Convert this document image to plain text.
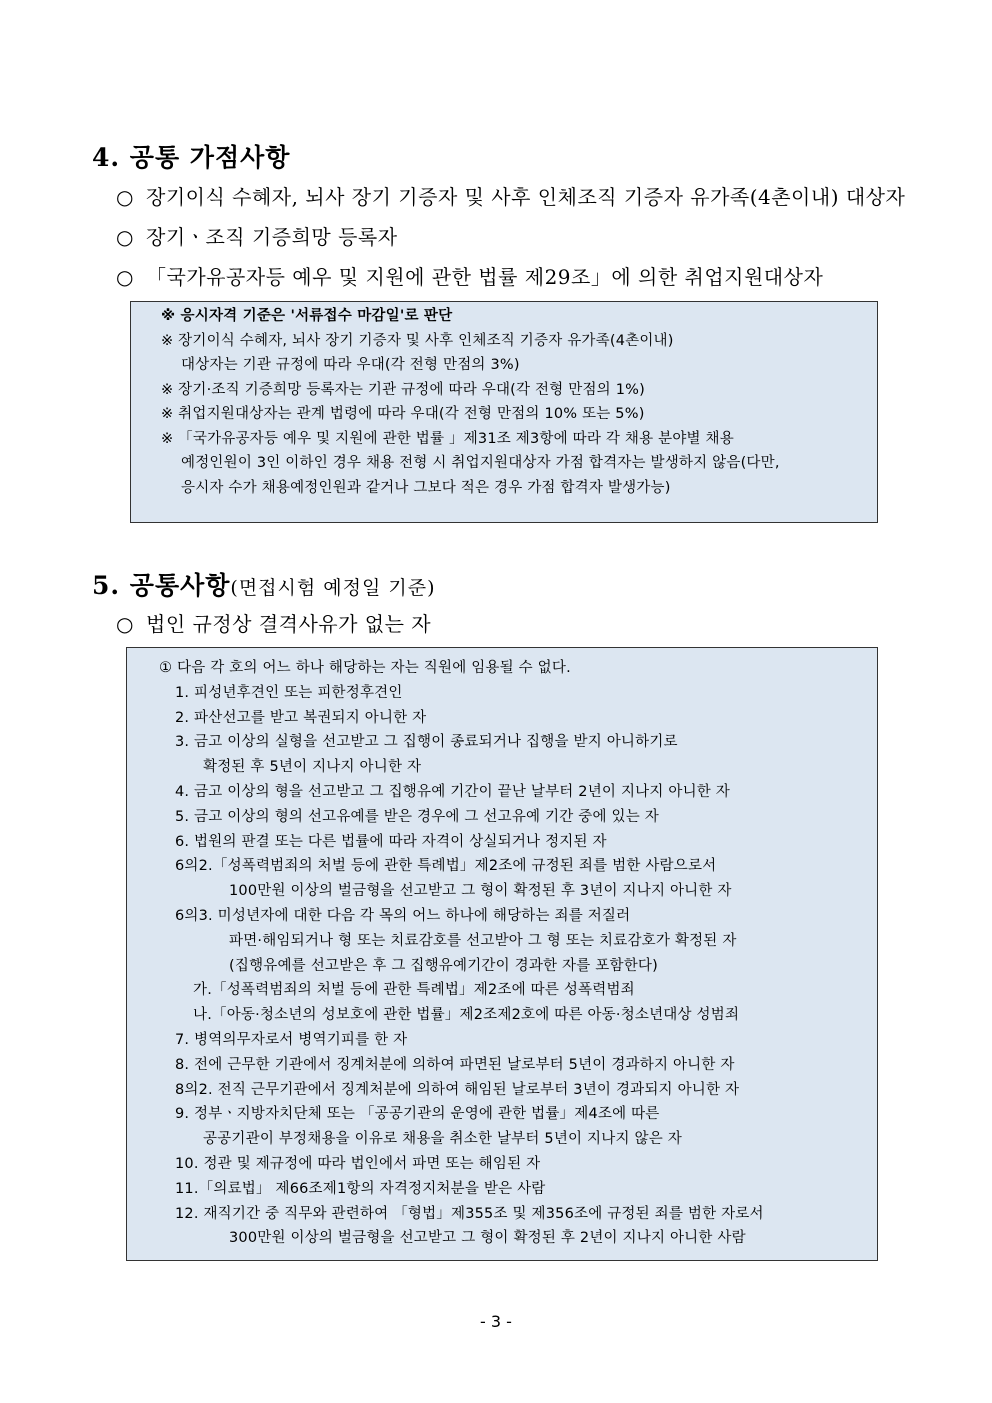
4. 공통 가점사항
○ 장기이식 수혜자, 뇌사 장기 기증자 및 사후 인체조직 기증자 유가족(4촌이내) 대상자
○ 장기ㆍ조직 기증희망 등록자
○ 「국가유공자등 예우 및 지원에 관한 법률 제29조」에 의한 취업지원대상자
※ 응시자격 기준은 '서류접수 마감일'로 판단
※ 장기이식 수혜자, 뇌사 장기 기증자 및 사후 인체조직 기증자 유가족(4촌이내)
대상자는 기관 규정에 따라 우대(각 전형 만점의 3%)
※ 장기·조직 기증희망 등록자는 기관 규정에 따라 우대(각 전형 만점의 1%)
※ 취업지원대상자는 관계 법령에 따라 우대(각 전형 만점의 10% 또는 5%)
※ 「국가유공자등 예우 및 지원에 관한 법률 」제31조 제3항에 따라 각 채용 분야별 채용
예정인원이 3인 이하인 경우 채용 전형 시 취업지원대상자 가점 합격자는 발생하지 않음(다만,
응시자 수가 채용예정인원과 같거나 그보다 적은 경우 가점 합격자 발생가능)
5. 공통사항(면접시험 예정일 기준)
○ 법인 규정상 결격사유가 없는 자
① 다음 각 호의 어느 하나 해당하는 자는 직원에 임용될 수 없다.
1. 피성년후견인 또는 피한정후견인
2. 파산선고를 받고 복권되지 아니한 자
3. 금고 이상의 실형을 선고받고 그 집행이 종료되거나 집행을 받지 아니하기로
확정된 후 5년이 지나지 아니한 자
4. 금고 이상의 형을 선고받고 그 집행유예 기간이 끝난 날부터 2년이 지나지 아니한 자
5. 금고 이상의 형의 선고유예를 받은 경우에 그 선고유예 기간 중에 있는 자
6. 법원의 판결 또는 다른 법률에 따라 자격이 상실되거나 정지된 자
6의2.「성폭력범죄의 처벌 등에 관한 특례법」제2조에 규정된 죄를 범한 사람으로서
100만원 이상의 벌금형을 선고받고 그 형이 확정된 후 3년이 지나지 아니한 자
6의3. 미성년자에 대한 다음 각 목의 어느 하나에 해당하는 죄를 저질러
파면·해임되거나 형 또는 치료감호를 선고받아 그 형 또는 치료감호가 확정된 자
(집행유예를 선고받은 후 그 집행유예기간이 경과한 자를 포함한다)
가.「성폭력범죄의 처벌 등에 관한 특례법」제2조에 따른 성폭력범죄
나.「아동·청소년의 성보호에 관한 법률」제2조제2호에 따른 아동·청소년대상 성범죄
7. 병역의무자로서 병역기피를 한 자
8. 전에 근무한 기관에서 징계처분에 의하여 파면된 날로부터 5년이 경과하지 아니한 자
8의2. 전직 근무기관에서 징계처분에 의하여 해임된 날로부터 3년이 경과되지 아니한 자
9. 정부ㆍ지방자치단체 또는 「공공기관의 운영에 관한 법률」제4조에 따른
공공기관이 부정채용을 이유로 채용을 취소한 날부터 5년이 지나지 않은 자
10. 정관 및 제규정에 따라 법인에서 파면 또는 해임된 자
11.「의료법」 제66조제1항의 자격정지처분을 받은 사람
12. 재직기간 중 직무와 관련하여 「형법」제355조 및 제356조에 규정된 죄를 범한 자로서
300만원 이상의 벌금형을 선고받고 그 형이 확정된 후 2년이 지나지 아니한 사람
- 3 -
